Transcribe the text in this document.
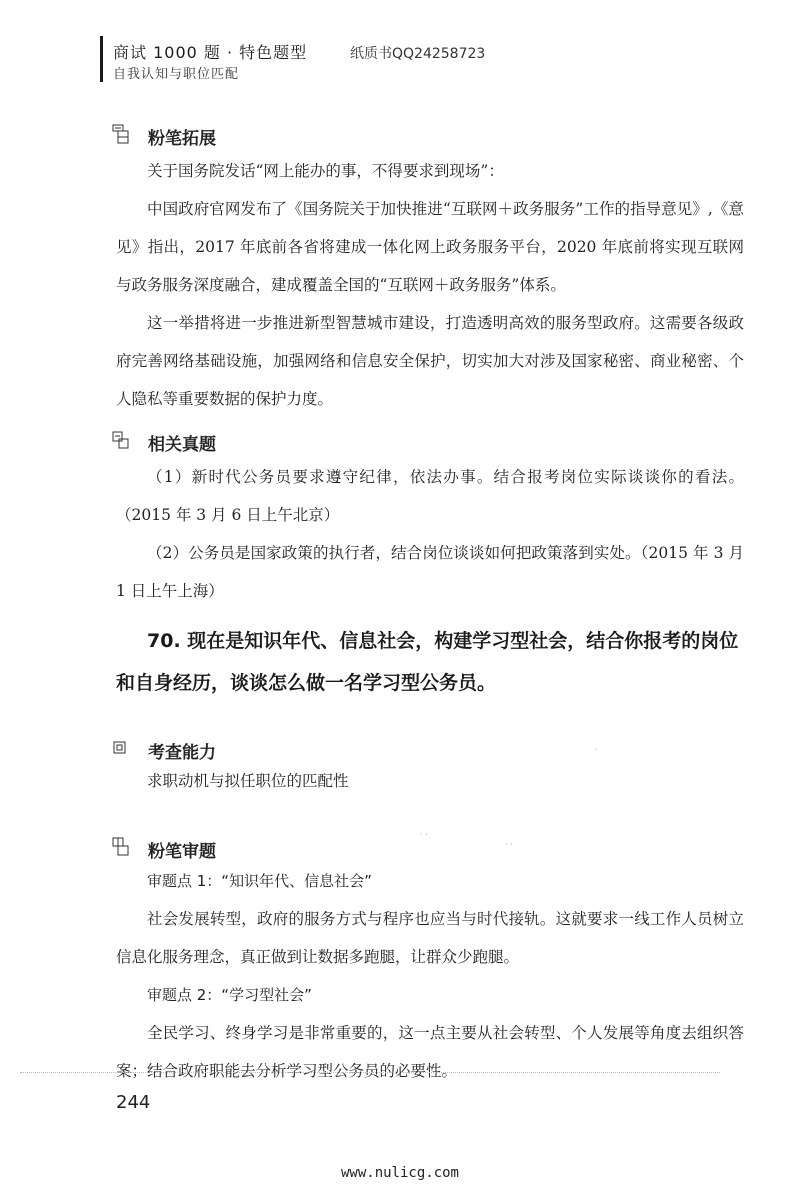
商试 1000 题 · 特色题型
自我认知与职位匹配
纸质书QQ24258723
粉笔拓展

关于国务院发话“网上能办的事，不得要求到现场”：

中国政府官网发布了《国务院关于加快推进“互联网＋政务服务”工作的指导意见》,《意见》指出，2017 年底前各省将建成一体化网上政务服务平台，2020 年底前将实现互联网与政务服务深度融合，建成覆盖全国的“互联网＋政务服务”体系。

这一举措将进一步推进新型智慧城市建设，打造透明高效的服务型政府。这需要各级政府完善网络基础设施，加强网络和信息安全保护，切实加大对涉及国家秘密、商业秘密、个人隐私等重要数据的保护力度。

相关真题

（1）新时代公务员要求遵守纪律，依法办事。结合报考岗位实际谈谈你的看法。（2015 年 3 月 6 日上午北京）

（2）公务员是国家政策的执行者，结合岗位谈谈如何把政策落到实处。（2015 年 3 月 1 日上午上海）

70. 现在是知识年代、信息社会，构建学习型社会，结合你报考的岗位和自身经历，谈谈怎么做一名学习型公务员。
考查能力

求职动机与拟任职位的匹配性

粉笔审题

审题点 1：“知识年代、信息社会”

社会发展转型，政府的服务方式与程序也应当与时代接轨。这就要求一线工作人员树立信息化服务理念，真正做到让数据多跑腿，让群众少跑腿。

审题点 2：“学习型社会”

全民学习、终身学习是非常重要的，这一点主要从社会转型、个人发展等角度去组织答案；结合政府职能去分析学习型公务员的必要性。

· ·
· ·
·
244
www.nulicg.com
